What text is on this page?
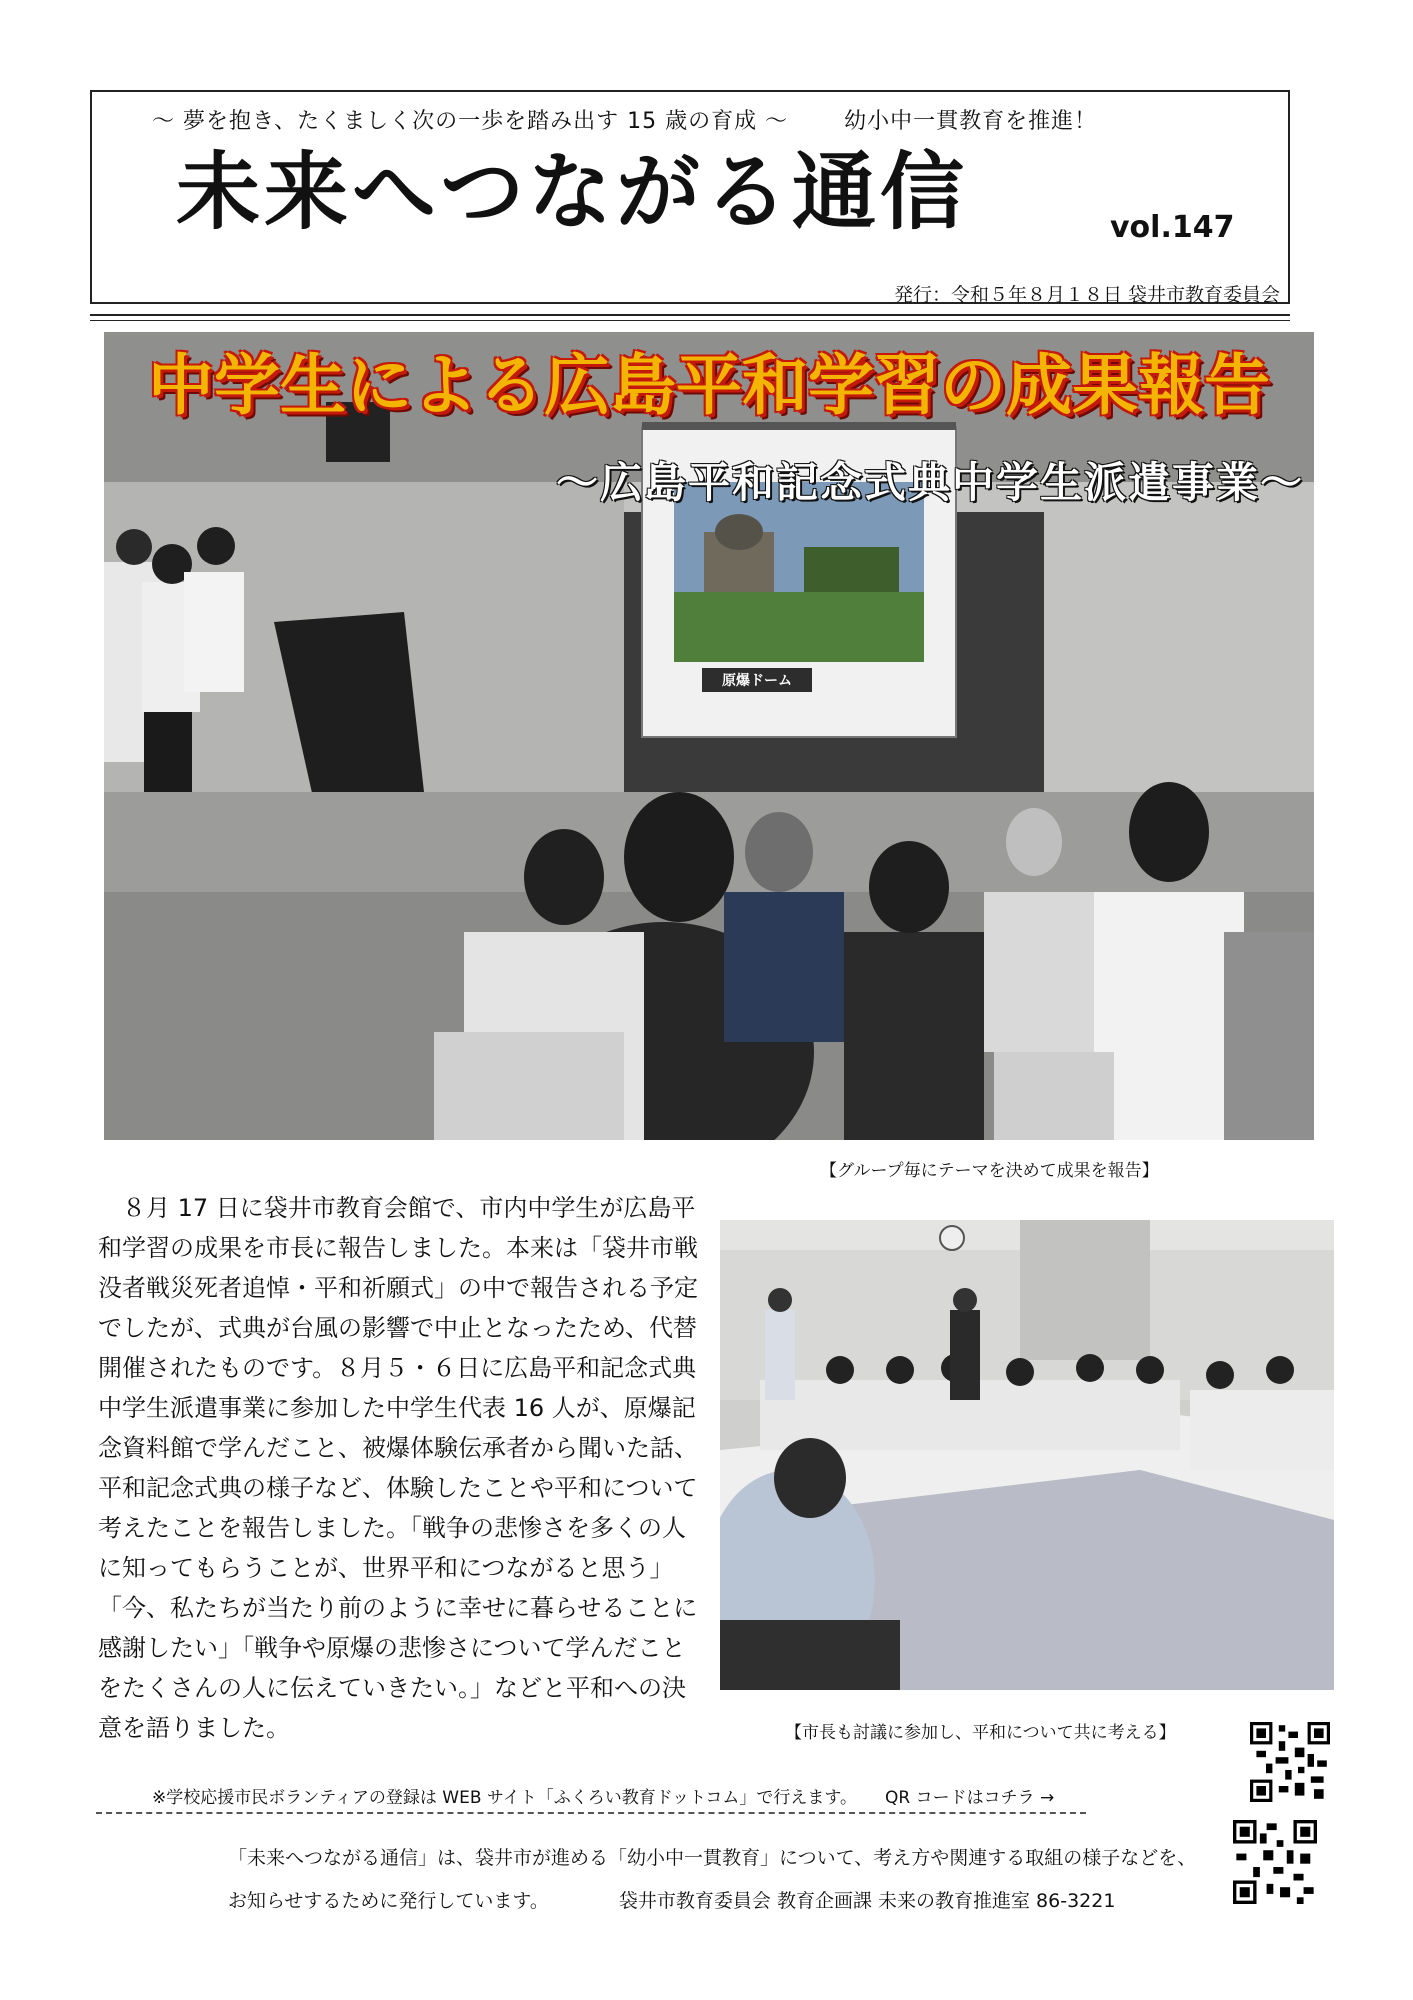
～ 夢を抱き、たくましく次の一歩を踏み出す 15 歳の育成 ～	幼小中一貫教育を推進！
未来へつながる通信	vol.147
発行：令和５年８月１８日 袋井市教育委員会
原爆ドーム
中学生による広島平和学習の成果報告
～広島平和記念式典中学生派遣事業～
【グループ毎にテーマを決めて成果を報告】

８月 17 日に袋井市教育会館で、市内中学生が広島平和学習の成果を市長に報告しました。本来は「袋井市戦没者戦災死者追悼・平和祈願式」の中で報告される予定でしたが、式典が台風の影響で中止となったため、代替開催されたものです。８月５・６日に広島平和記念式典中学生派遣事業に参加した中学生代表 16 人が、原爆記念資料館で学んだこと、被爆体験伝承者から聞いた話、平和記念式典の様子など、体験したことや平和について考えたことを報告しました。「戦争の悲惨さを多くの人に知ってもらうことが、世界平和につながると思う」「今、私たちが当たり前のように幸せに暮らせることに感謝したい」「戦争や原爆の悲惨さについて学んだことをたくさんの人に伝えていきたい。」などと平和への決意を語りました。	【市長も討議に参加し、平和について共に考える】
※学校応援市民ボランティアの登録は WEB サイト「ふくろい教育ドットコム」で行えます。 QR コードはコチラ →
「未来へつながる通信」は、袋井市が進める「幼小中一貫教育」について、考え方や関連する取組の様子などを、
お知らせするために発行しています。	袋井市教育委員会 教育企画課 未来の教育推進室 86-3221
